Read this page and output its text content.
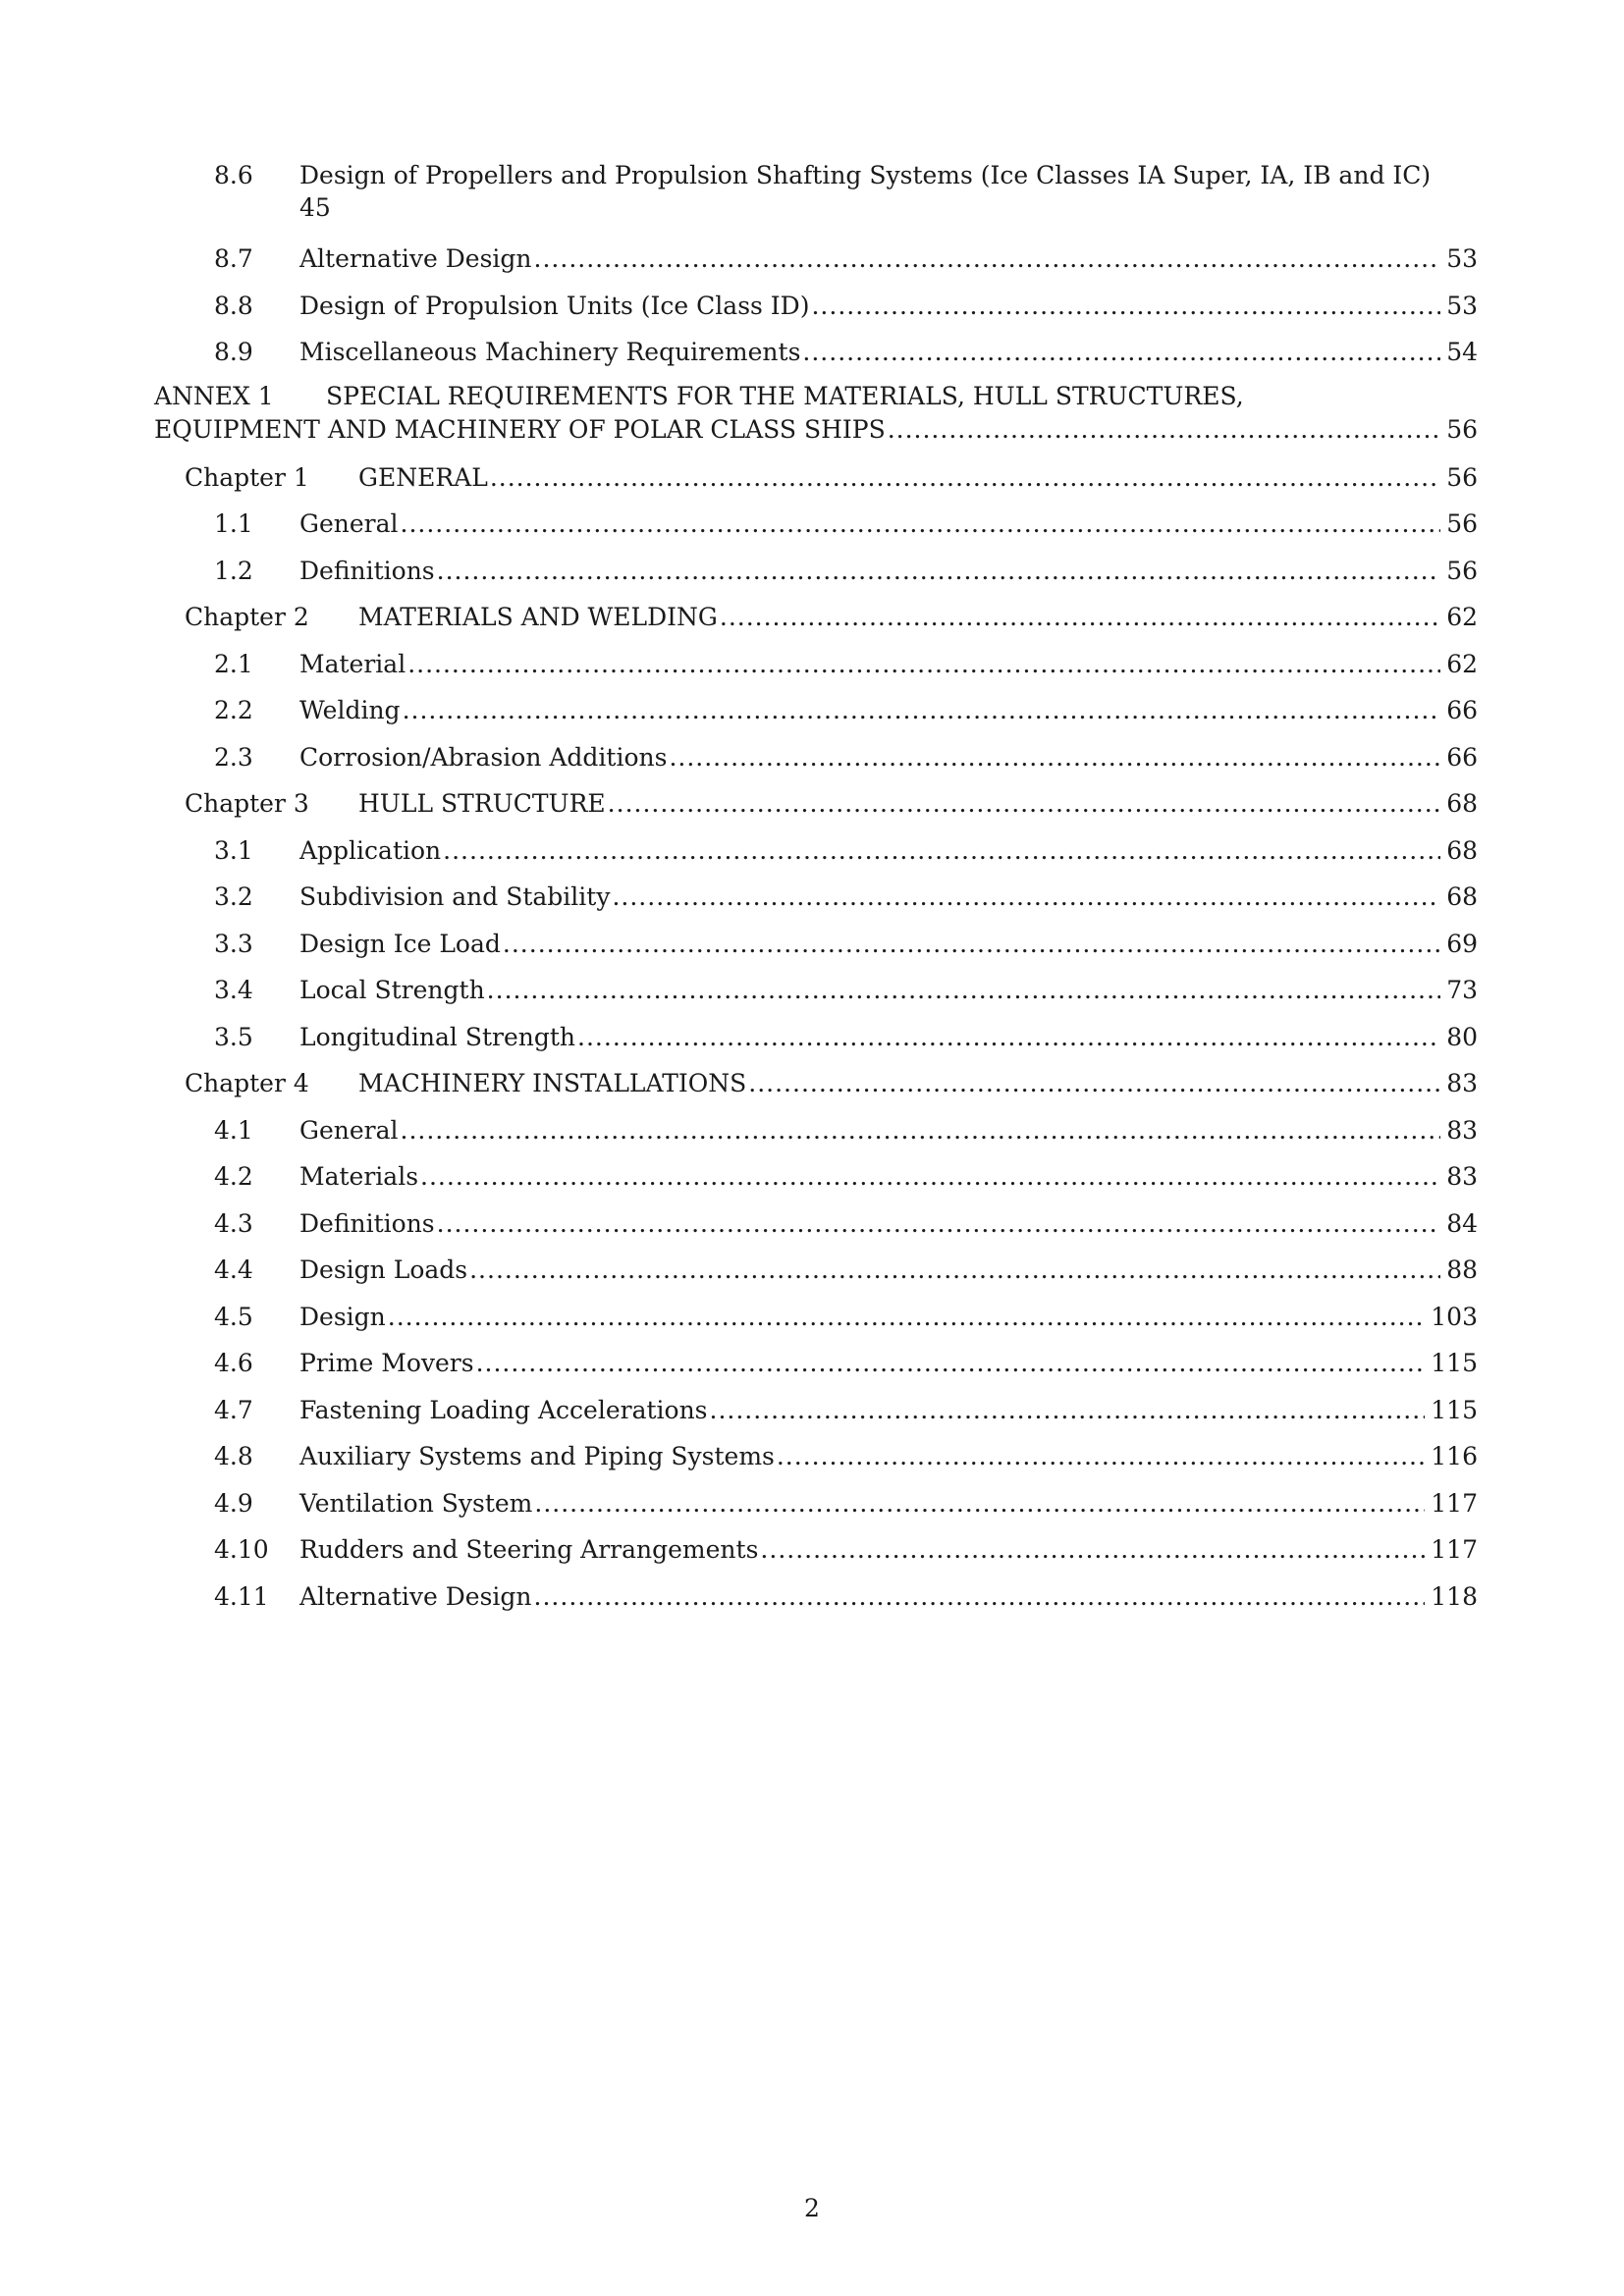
8.6 Design of Propellers and Propulsion Shafting Systems (Ice Classes IA Super, IA, IB and IC)
45
8.7 Alternative Design .....	53
8.8 Design of Propulsion Units (Ice Class ID) .....	53
8.9 Miscellaneous Machinery Requirements .....	54
ANNEX 1 SPECIAL REQUIREMENTS FOR THE MATERIALS, HULL STRUCTURES,
EQUIPMENT AND MACHINERY OF POLAR CLASS SHIPS .....	56
Chapter 1 GENERAL .....	56
1.1 General .....	56
1.2 Definitions .....	56
Chapter 2 MATERIALS AND WELDING .....	62
2.1 Material .....	62
2.2 Welding .....	66
2.3 Corrosion/Abrasion Additions .....	66
Chapter 3 HULL STRUCTURE .....	68
3.1 Application .....	68
3.2 Subdivision and Stability .....	68
3.3 Design Ice Load .....	69
3.4 Local Strength .....	73
3.5 Longitudinal Strength .....	80
Chapter 4 MACHINERY INSTALLATIONS .....	83
4.1 General .....	83
4.2 Materials .....	83
4.3 Definitions .....	84
4.4 Design Loads .....	88
4.5 Design .....	103
4.6 Prime Movers .....	115
4.7 Fastening Loading Accelerations .....	115
4.8 Auxiliary Systems and Piping Systems .....	116
4.9 Ventilation System .....	117
4.10 Rudders and Steering Arrangements .....	117
4.11 Alternative Design .....	118
2
